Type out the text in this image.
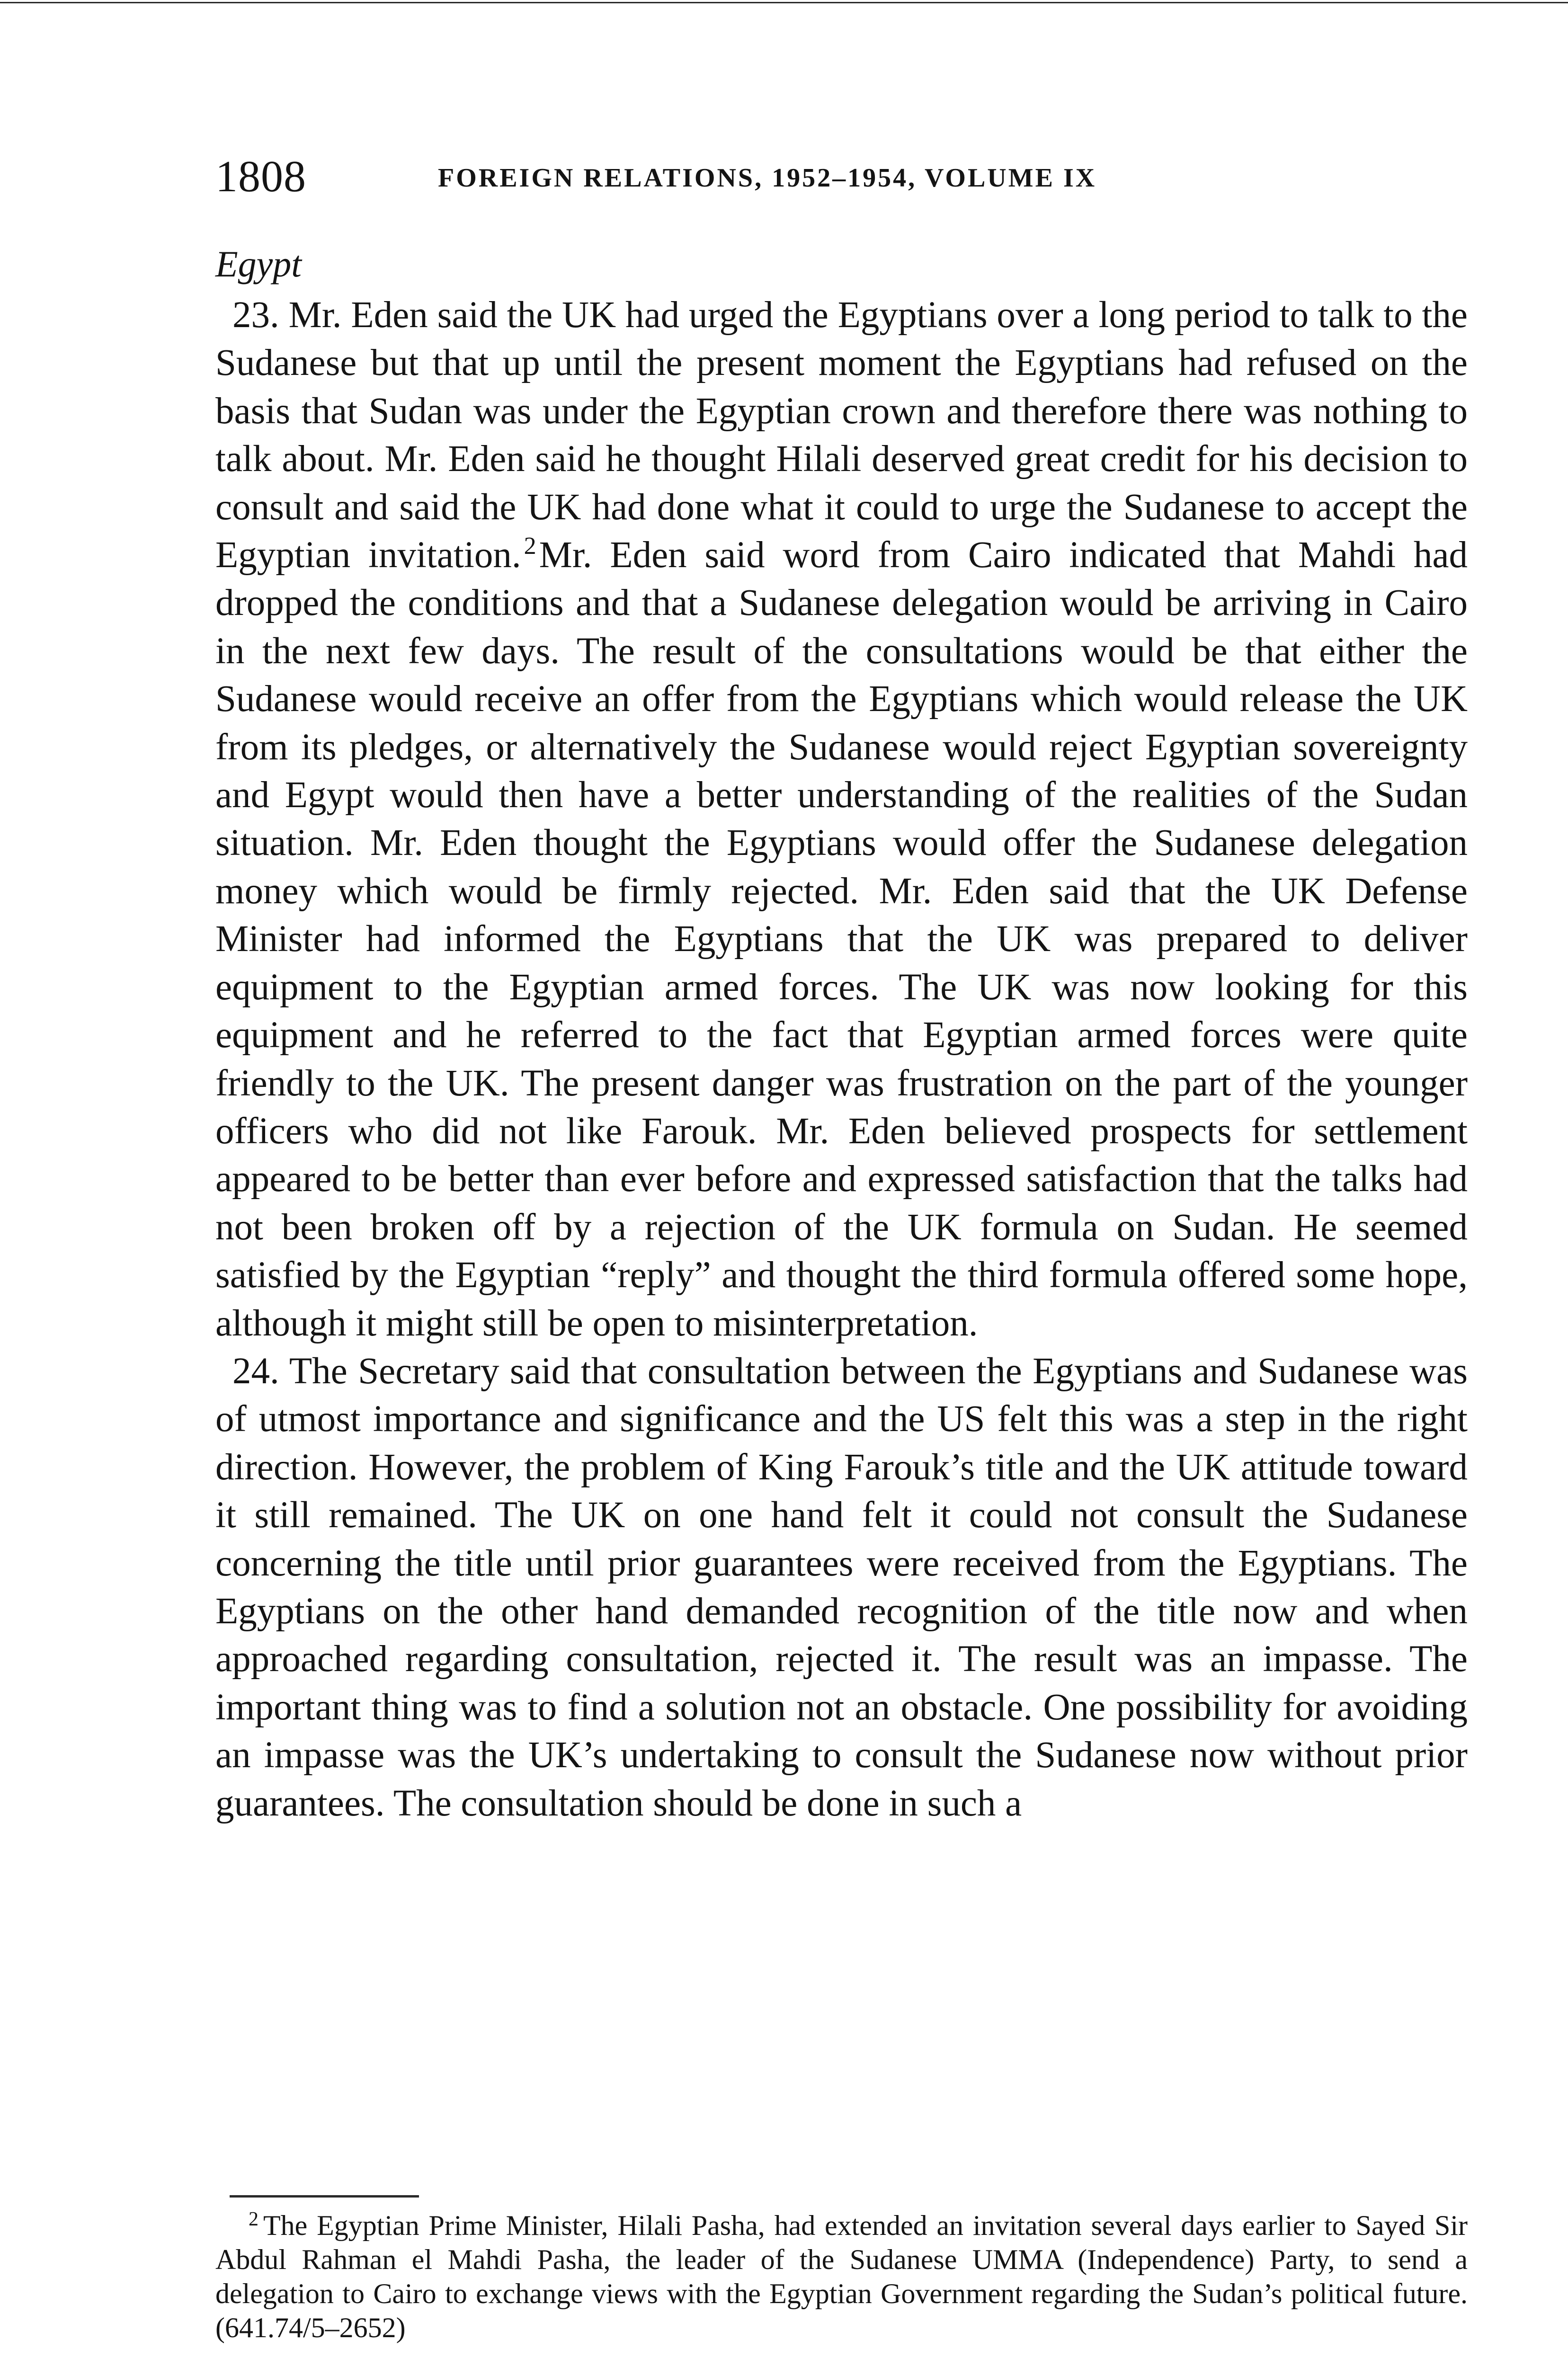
1808	FOREIGN RELATIONS, 1952–1954, VOLUME IX
Egypt

23. Mr. Eden said the UK had urged the Egyptians over a long period to talk to the Sudanese but that up until the present moment the Egyptians had refused on the basis that Sudan was under the Egyptian crown and therefore there was nothing to talk about. Mr. Eden said he thought Hilali deserved great credit for his decision to consult and said the UK had done what it could to urge the Sudanese to accept the Egyptian invitation. $^2$Mr. Eden said word from Cairo indicated that Mahdi had dropped the conditions and that a Sudanese delegation would be arriving in Cairo in the next few days. The result of the consultations would be that either the Sudanese would receive an offer from the Egyptians which would release the UK from its pledges, or alternatively the Sudanese would reject Egyptian sovereignty and Egypt would then have a better understanding of the realities of the Sudan situation. Mr. Eden thought the Egyptians would offer the Sudanese delegation money which would be firmly rejected. Mr. Eden said that the UK Defense Minister had informed the Egyptians that the UK was prepared to deliver equipment to the Egyptian armed forces. The UK was now looking for this equipment and he referred to the fact that Egyptian armed forces were quite friendly to the UK. The present danger was frustration on the part of the younger officers who did not like Farouk. Mr. Eden believed prospects for settlement appeared to be better than ever before and expressed satisfaction that the talks had not been broken off by a rejection of the UK formula on Sudan. He seemed satisfied by the Egyptian “reply” and thought the third formula offered some hope, although it might still be open to misinterpretation.

24. The Secretary said that consultation between the Egyptians and Sudanese was of utmost importance and significance and the US felt this was a step in the right direction. However, the problem of King Farouk’s title and the UK attitude toward it still remained. The UK on one hand felt it could not consult the Sudanese concerning the title until prior guarantees were received from the Egyptians. The Egyptians on the other hand demanded recognition of the title now and when approached regarding consultation, rejected it. The result was an impasse. The important thing was to find a solution not an obstacle. One possibility for avoiding an impasse was the UK’s undertaking to consult the Sudanese now without prior guarantees. The consultation should be done in such a

$^2$ The Egyptian Prime Minister, Hilali Pasha, had extended an invitation several days earlier to Sayed Sir Abdul Rahman el Mahdi Pasha, the leader of the Sudanese UMMA (Independence) Party, to send a delegation to Cairo to exchange views with the Egyptian Government regarding the Sudan’s political future. (641.74/5–2652)
